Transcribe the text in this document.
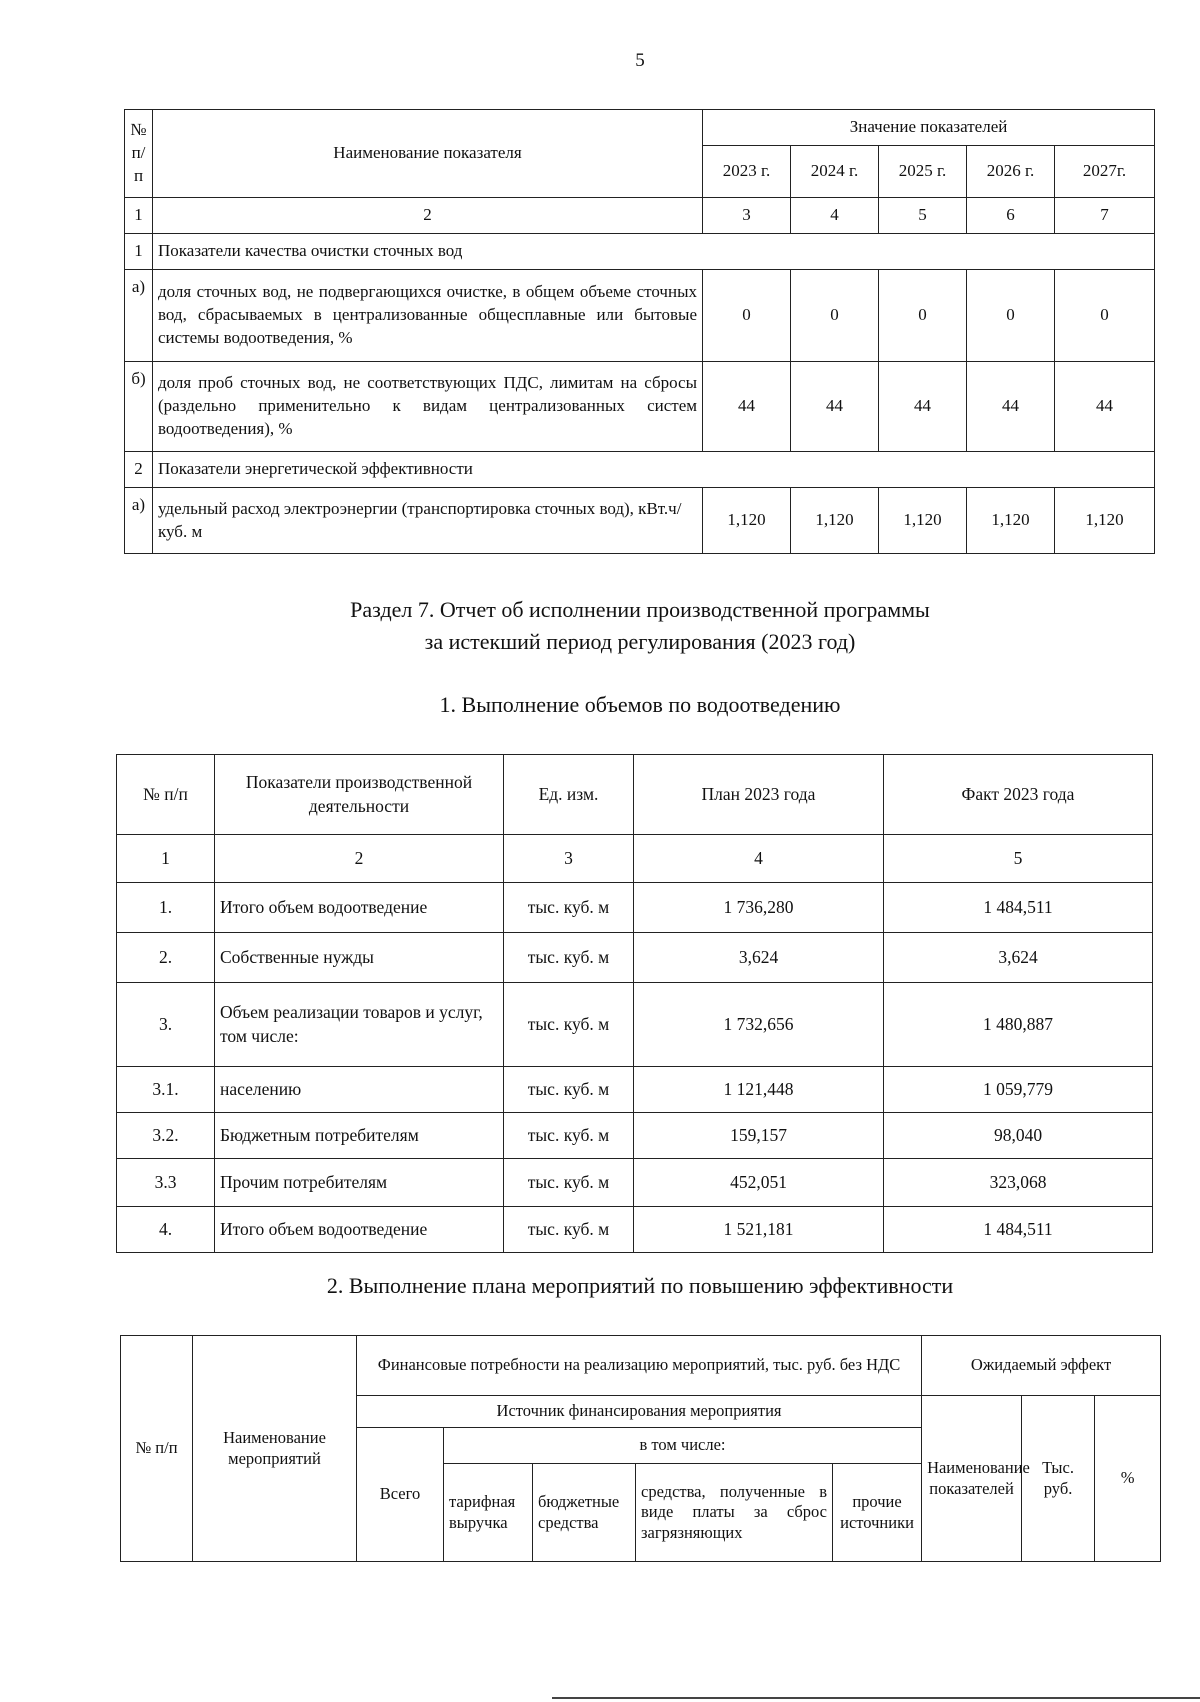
5
№ п/ п	Наименование показателя	Значение показателей				
		2023 г.	2024 г.	2025 г.	2026 г.	2027г.
1	2	3	4	5	6	7
1	Показатели качества очистки сточных вод					
а)	доля сточных вод, не подвергающихся очистке, в общем объеме сточных вод, сбрасываемых в централизованные общесплавные или бытовые системы водоотведения, %	0	0	0	0	0
б)	доля проб сточных вод, не соответствующих ПДС, лимитам на сбросы (раздельно применительно к видам централизованных систем водоотведения), %	44	44	44	44	44
2	Показатели энергетической эффективности					
а)	удельный расход электроэнергии (транспортировка сточных вод), кВт.ч/куб. м	1,120	1,120	1,120	1,120	1,120
Раздел 7. Отчет об исполнении производственной программы
за истекший период регулирования (2023 год)
1. Выполнение объемов по водоотведению
№ п/п	Показатели производственной деятельности	Ед. изм.	План 2023 года	Факт 2023 года
1	2	3	4	5
1.	Итого объем водоотведение	тыс. куб. м	1 736,280	1 484,511
2.	Собственные нужды	тыс. куб. м	3,624	3,624
3.	Объем реализации товаров и услуг, том числе:	тыс. куб. м	1 732,656	1 480,887
3.1.	населению	тыс. куб. м	1 121,448	1 059,779
3.2.	Бюджетным потребителям	тыс. куб. м	159,157	98,040
3.3	Прочим потребителям	тыс. куб. м	452,051	323,068
4.	Итого объем водоотведение	тыс. куб. м	1 521,181	1 484,511
2. Выполнение плана мероприятий по повышению эффективности
№ п/п	Наименование мероприятий	Финансовые потребности на реализацию мероприятий, тыс. руб. без НДС					Ожидаемый эффект		
		Источник финансирования мероприятия					Наименование показателей	Тыс. руб.	%
		Всего	в том числе:						
			тарифная выручка	бюджетные средства	средства, полученные в виде платы за сброс загрязняющих	прочие источники			
